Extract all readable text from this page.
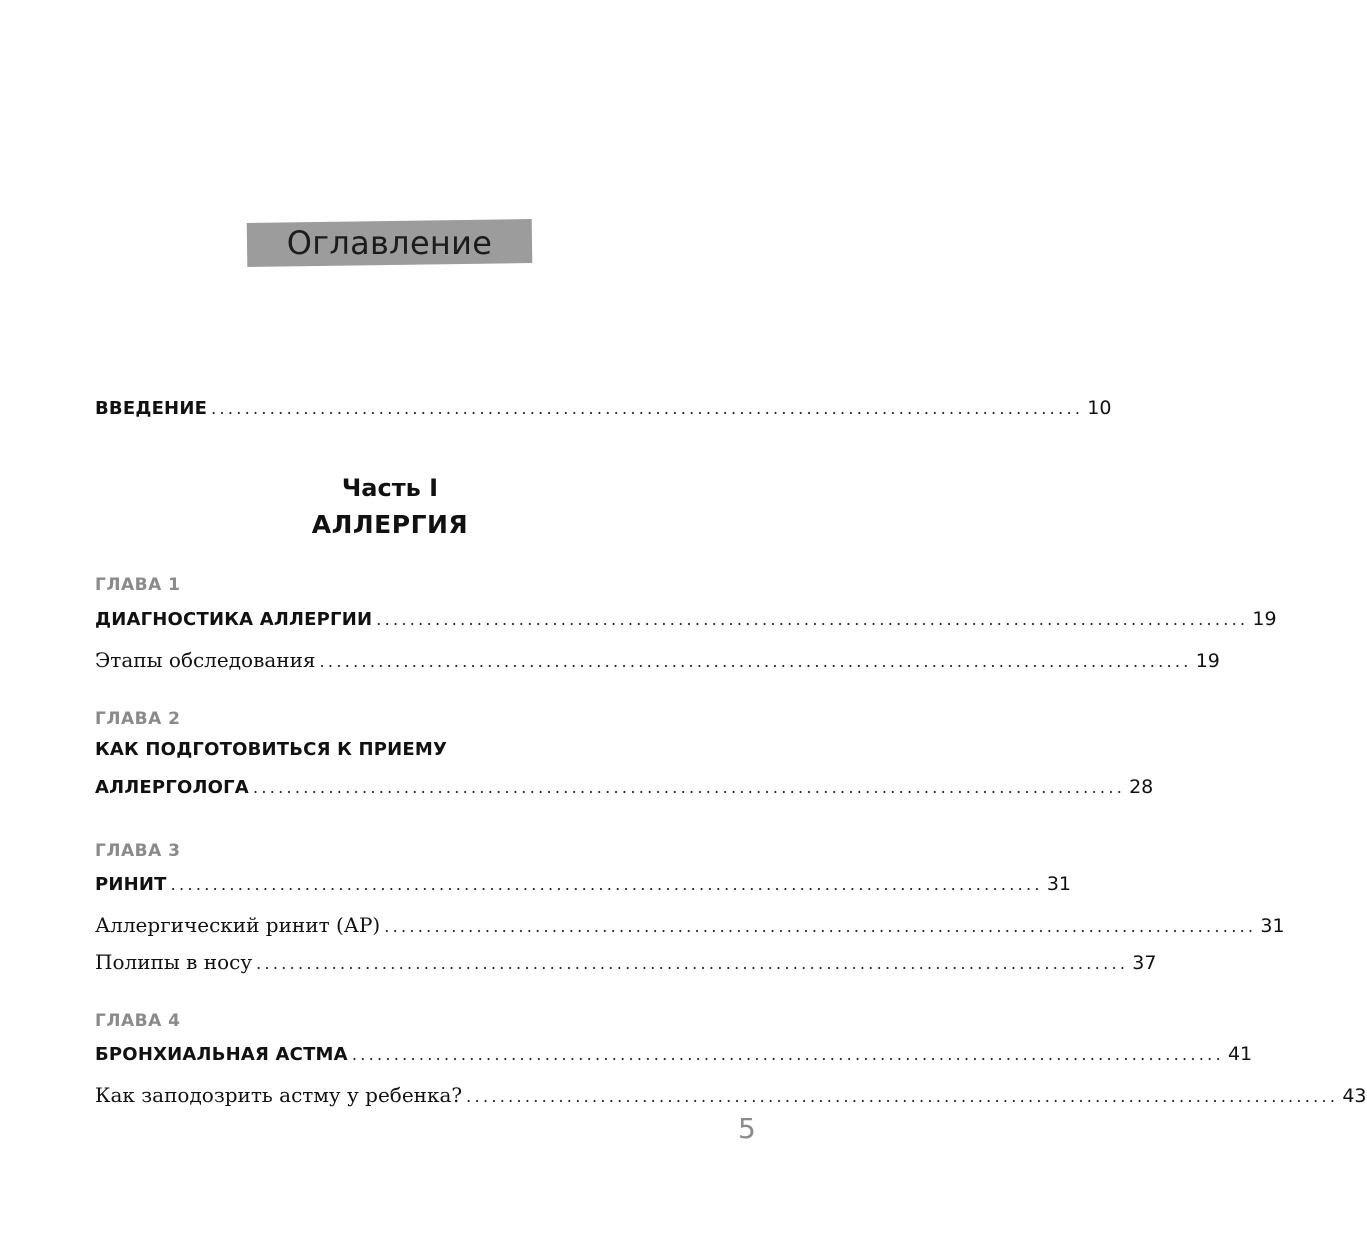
Оглавление
ВВЕДЕНИЕ ........................................................................................................ 10
Часть I
АЛЛЕРГИЯ
ГЛАВА 1
ДИАГНОСТИКА АЛЛЕРГИИ ........................................................................................................ 19
Этапы обследования ........................................................................................................ 19
ГЛАВА 2
КАК ПОДГОТОВИТЬСЯ К ПРИЕМУ
АЛЛЕРГОЛОГА ........................................................................................................ 28
ГЛАВА 3
РИНИТ ........................................................................................................ 31
Аллергический ринит (АР) ........................................................................................................ 31
Полипы в носу ........................................................................................................ 37
ГЛАВА 4
БРОНХИАЛЬНАЯ АСТМА ........................................................................................................ 41
Как заподозрить астму у ребенка? ........................................................................................................ 43
5
